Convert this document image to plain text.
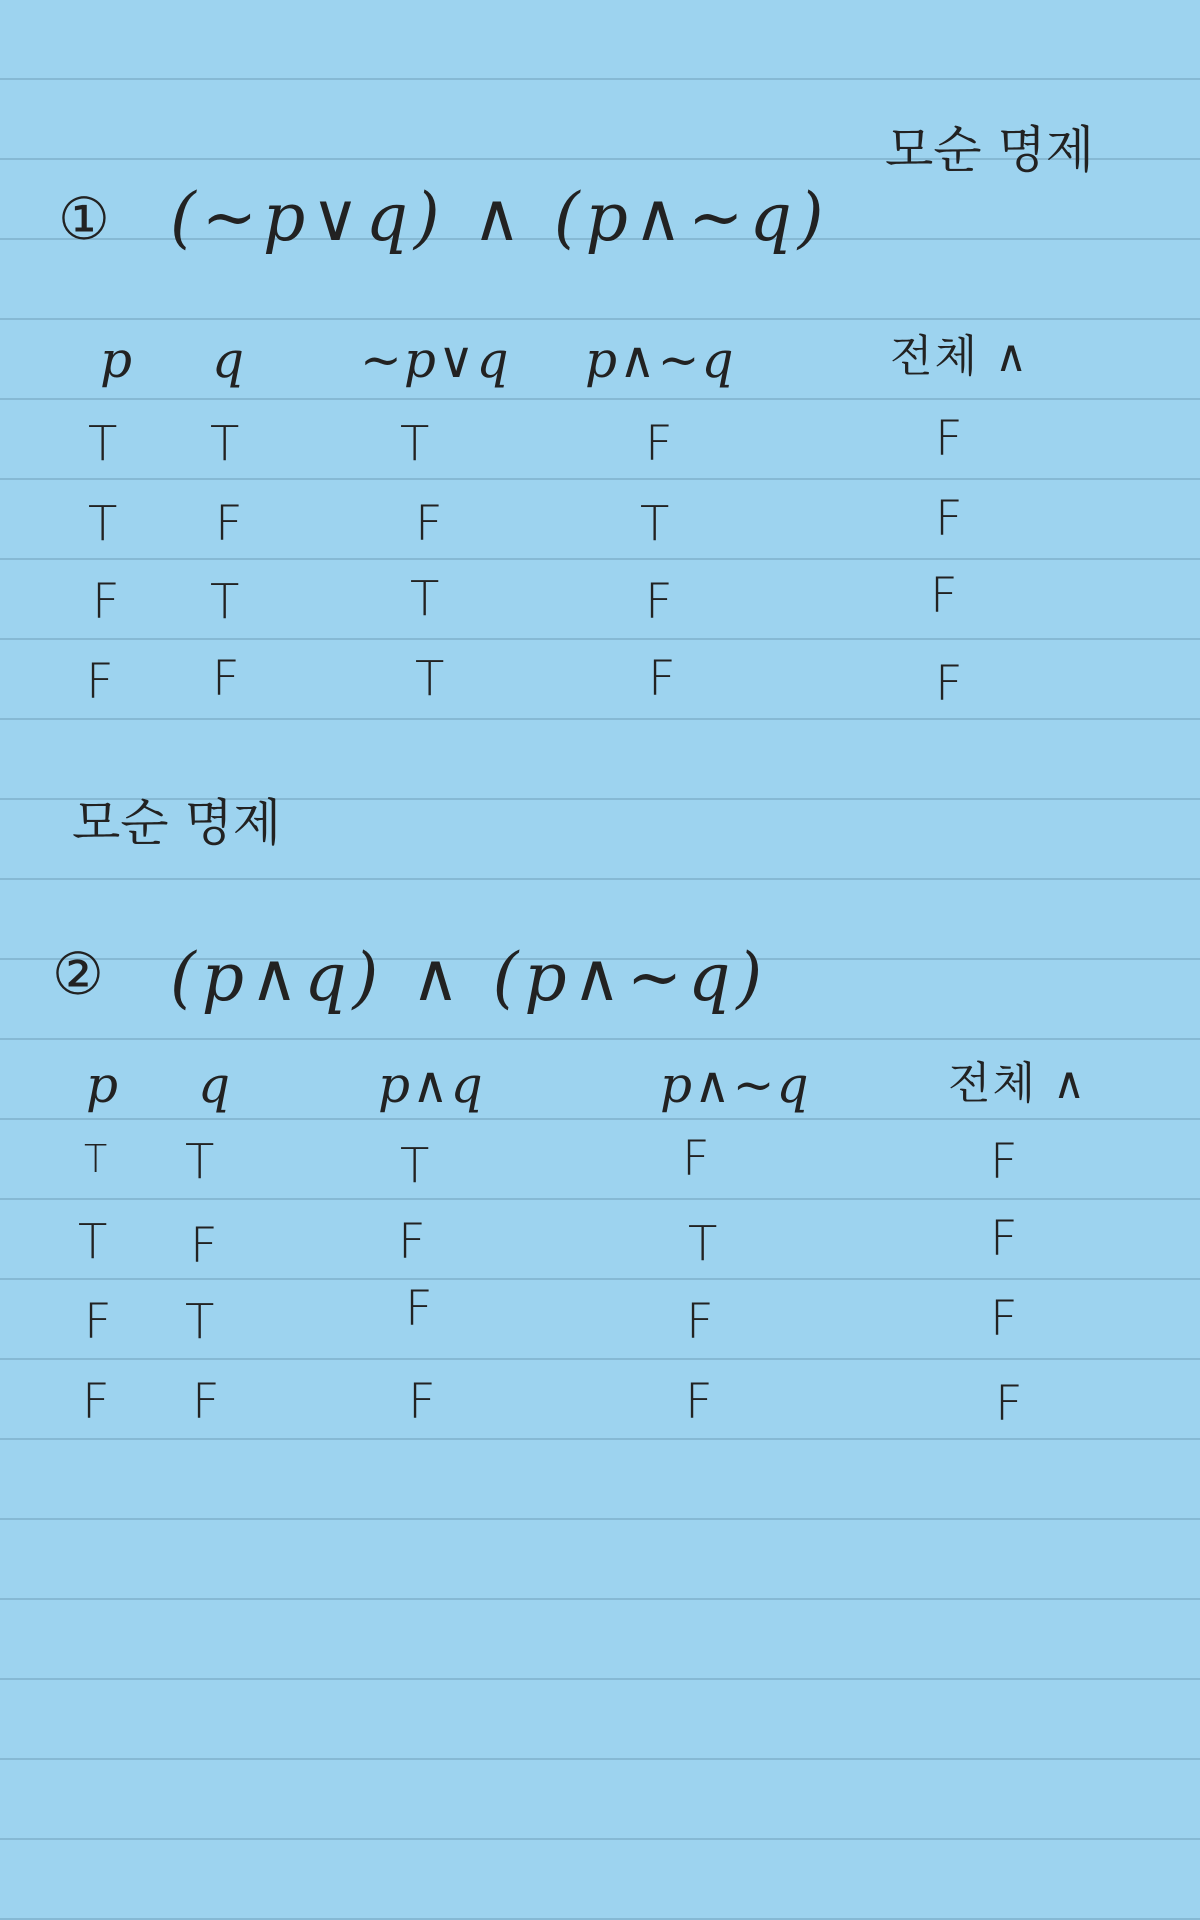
모순 명제
① (~p∨q) ∧ (p∧~q)
p q ~p∨q p∧~q	전체 ∧
T T	T	F	F
T F	F	T	F
F T	T	F	F
F F	T	F	F
모순 명제
② (p∧q) ∧ (p∧~q)
p q	p∧q	p∧~q	전체 ∧
T T	T	F	F
T F	F	T	F
F T	F	F	F
F F	F	F	F
